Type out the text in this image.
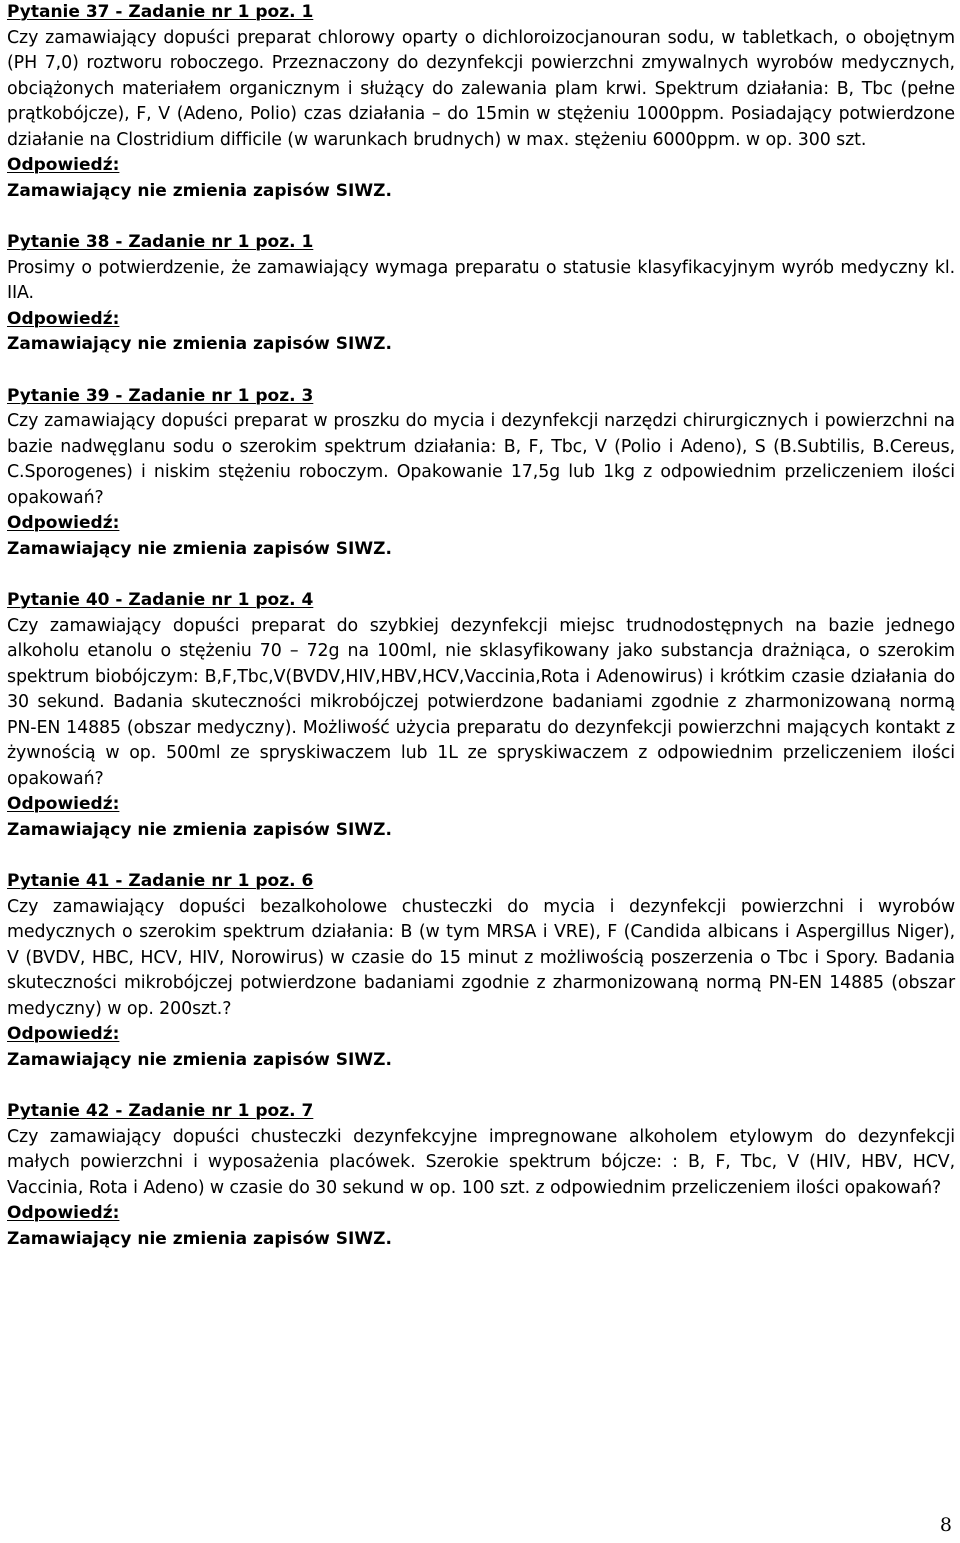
Pytanie 37 - Zadanie nr 1 poz. 1

Czy zamawiający dopuści preparat chlorowy oparty o dichloroizocjanouran sodu, w tabletkach, o obojętnym (PH 7,0) roztworu roboczego. Przeznaczony do dezynfekcji powierzchni zmywalnych wyrobów medycznych, obciążonych materiałem organicznym i służący do zalewania plam krwi. Spektrum działania: B, Tbc (pełne prątkobójcze), F, V (Adeno, Polio) czas działania – do 15min w stężeniu 1000ppm. Posiadający potwierdzone działanie na Clostridium difficile (w warunkach brudnych) w max. stężeniu 6000ppm. w op. 300 szt.

Odpowiedź:

Zamawiający nie zmienia zapisów SIWZ.

Pytanie 38 - Zadanie nr 1 poz. 1

Prosimy o potwierdzenie, że zamawiający wymaga preparatu o statusie klasyfikacyjnym wyrób medyczny kl. IIA.

Odpowiedź:

Zamawiający nie zmienia zapisów SIWZ.

Pytanie 39 - Zadanie nr 1 poz. 3

Czy zamawiający dopuści preparat w proszku do mycia i dezynfekcji narzędzi chirurgicznych i powierzchni na bazie nadwęglanu sodu o szerokim spektrum działania: B, F, Tbc, V (Polio i Adeno), S (B.Subtilis, B.Cereus, C.Sporogenes) i niskim stężeniu roboczym. Opakowanie 17,5g lub 1kg z odpowiednim przeliczeniem ilości opakowań?

Odpowiedź:

Zamawiający nie zmienia zapisów SIWZ.

Pytanie 40 - Zadanie nr 1 poz. 4

Czy zamawiający dopuści preparat do szybkiej dezynfekcji miejsc trudnodostępnych na bazie jednego alkoholu etanolu o stężeniu 70 – 72g na 100ml, nie sklasyfikowany jako substancja drażniąca, o szerokim spektrum biobójczym: B,F,Tbc,V(BVDV,HIV,HBV,HCV,Vaccinia,Rota i Adenowirus) i krótkim czasie działania do 30 sekund. Badania skuteczności mikrobójczej potwierdzone badaniami zgodnie z zharmonizowaną normą PN-EN 14885 (obszar medyczny). Możliwość użycia preparatu do dezynfekcji powierzchni mających kontakt z żywnością w op. 500ml ze spryskiwaczem lub 1L ze spryskiwaczem z odpowiednim przeliczeniem ilości opakowań?

Odpowiedź:

Zamawiający nie zmienia zapisów SIWZ.

Pytanie 41 - Zadanie nr 1 poz. 6

Czy zamawiający dopuści bezalkoholowe chusteczki do mycia i dezynfekcji powierzchni i wyrobów medycznych o szerokim spektrum działania: B (w tym MRSA i VRE), F (Candida albicans i Aspergillus Niger), V (BVDV, HBC, HCV, HIV, Norowirus) w czasie do 15 minut z możliwością poszerzenia o Tbc i Spory. Badania skuteczności mikrobójczej potwierdzone badaniami zgodnie z zharmonizowaną normą PN-EN 14885 (obszar medyczny) w op. 200szt.?

Odpowiedź:

Zamawiający nie zmienia zapisów SIWZ.

Pytanie 42 - Zadanie nr 1 poz. 7

Czy zamawiający dopuści chusteczki dezynfekcyjne impregnowane alkoholem etylowym do dezynfekcji małych powierzchni i wyposażenia placówek. Szerokie spektrum bójcze: : B, F, Tbc, V (HIV, HBV, HCV, Vaccinia, Rota i Adeno) w czasie do 30 sekund w op. 100 szt. z odpowiednim przeliczeniem ilości opakowań?

Odpowiedź:

Zamawiający nie zmienia zapisów SIWZ.

8
